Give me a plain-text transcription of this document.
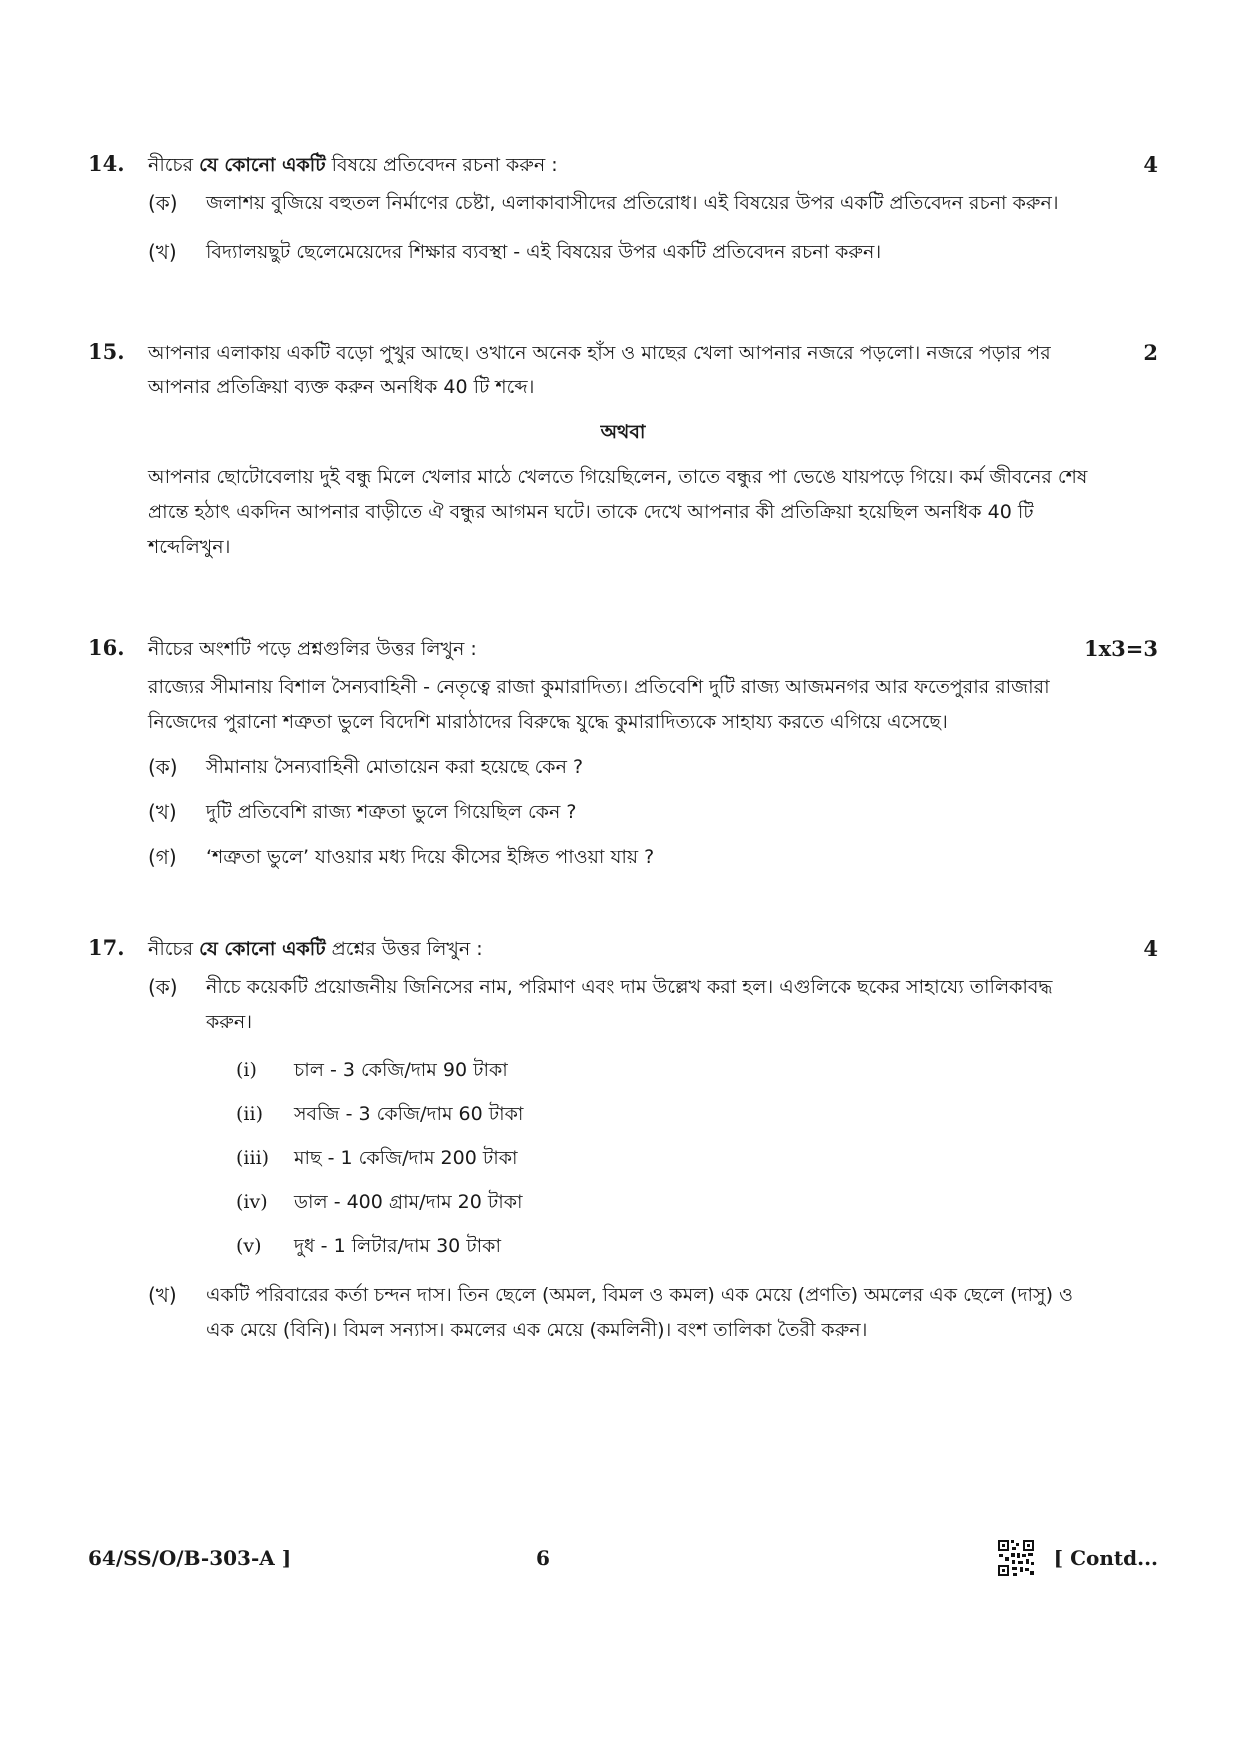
14.	নীচের যে কোনো একটি বিষয়ে প্রতিবেদন রচনা করুন :	4
(ক)	জলাশয় বুজিয়ে বহুতল নির্মাণের চেষ্টা, এলাকাবাসীদের প্রতিরোধ। এই বিষয়ের উপর একটি প্রতিবেদন রচনা করুন।
(খ)	বিদ্যালয়ছুট ছেলেমেয়েদের শিক্ষার ব্যবস্থা - এই বিষয়ের উপর একটি প্রতিবেদন রচনা করুন।
15.	আপনার এলাকায় একটি বড়ো পুখুর আছে। ওখানে অনেক হাঁস ও মাছের খেলা আপনার নজরে পড়লো। নজরে পড়ার পর আপনার প্রতিক্রিয়া ব্যক্ত করুন অনধিক 40 টি শব্দে।
2
অথবা
আপনার ছোটোবেলায় দুই বন্ধু মিলে খেলার মাঠে খেলতে গিয়েছিলেন, তাতে বন্ধুর পা ভেঙে যায়পড়ে গিয়ে। কর্ম জীবনের শেষ প্রান্তে হঠাৎ একদিন আপনার বাড়ীতে ঐ বন্ধুর আগমন ঘটে। তাকে দেখে আপনার কী প্রতিক্রিয়া হয়েছিল অনধিক 40 টি শব্দেলিখুন।
16.	নীচের অংশটি পড়ে প্রশ্নগুলির উত্তর লিখুন :	1x3=3
রাজ্যের সীমানায় বিশাল সৈন্যবাহিনী - নেতৃত্বে রাজা কুমারাদিত্য। প্রতিবেশি দুটি রাজ্য আজমনগর আর ফতেপুরার রাজারা নিজেদের পুরানো শত্রুতা ভুলে বিদেশি মারাঠাদের বিরুদ্ধে যুদ্ধে কুমারাদিত্যকে সাহায্য করতে এগিয়ে এসেছে।
(ক)	সীমানায় সৈন্যবাহিনী মোতায়েন করা হয়েছে কেন ?
(খ)	দুটি প্রতিবেশি রাজ্য শত্রুতা ভুলে গিয়েছিল কেন ?
(গ)	‘শত্রুতা ভুলে’ যাওয়ার মধ্য দিয়ে কীসের ইঙ্গিত পাওয়া যায় ?
17.	নীচের যে কোনো একটি প্রশ্নের উত্তর লিখুন :	4
(ক)	নীচে কয়েকটি প্রয়োজনীয় জিনিসের নাম, পরিমাণ এবং দাম উল্লেখ করা হল। এগুলিকে ছকের সাহায্যে তালিকাবদ্ধ করুন।
(i)	চাল - 3 কেজি/দাম 90 টাকা
(ii)	সবজি - 3 কেজি/দাম 60 টাকা
(iii)	মাছ - 1 কেজি/দাম 200 টাকা
(iv)	ডাল - 400 গ্রাম/দাম 20 টাকা
(v)	দুধ - 1 লিটার/দাম 30 টাকা
(খ)	একটি পরিবারের কর্তা চন্দন দাস। তিন ছেলে (অমল, বিমল ও কমল) এক মেয়ে (প্রণতি) অমলের এক ছেলে (দাসু) ও এক মেয়ে (বিনি)। বিমল সন্যাস। কমলের এক মেয়ে (কমলিনী)। বংশ তালিকা তৈরী করুন।
64/SS/O/B-303-A ]	6	[ Contd...
